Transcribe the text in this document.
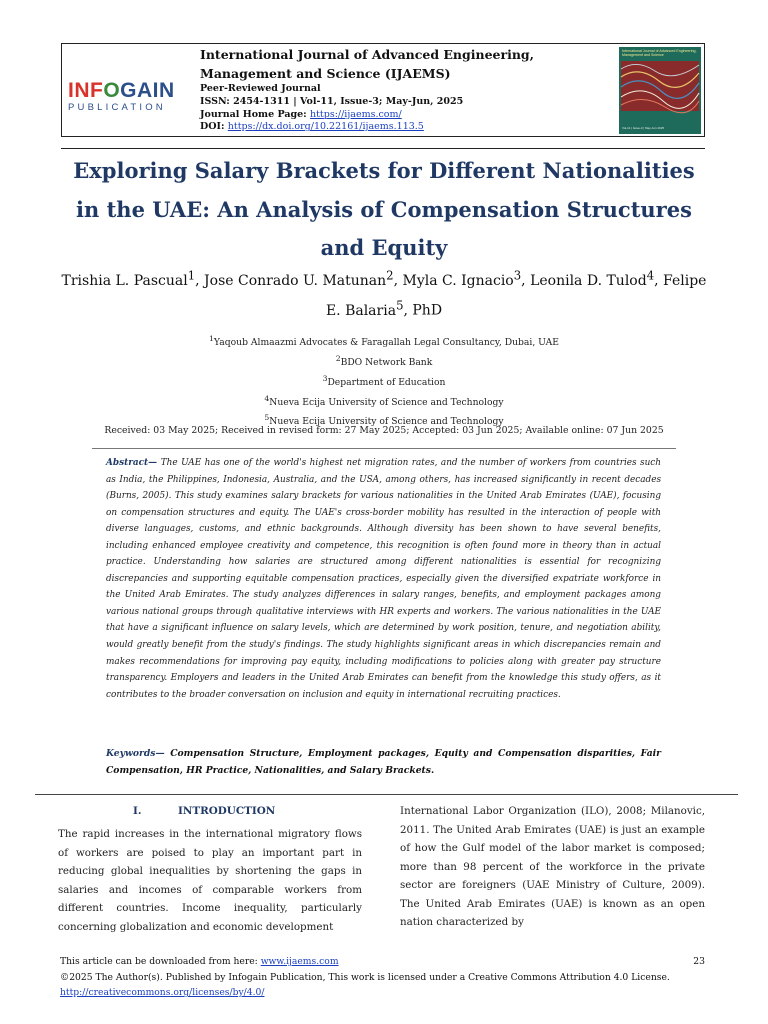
INFOGAIN
PUBLICATION
International Journal of Advanced Engineering, Management and Science (IJAEMS)
Peer-Reviewed Journal
ISSN: 2454-1311 | Vol-11, Issue-3; May-Jun, 2025
Journal Home Page: https://ijaems.com/
DOI: https://dx.doi.org/10.22161/ijaems.113.5
International Journal of Advanced Engineering, Management and Science
Vol-11 | Issue-3 | May-Jun 2025
Exploring Salary Brackets for Different Nationalities in the UAE: An Analysis of Compensation Structures and Equity
Trishia L. Pascual$^1$, Jose Conrado U. Matunan$^2$, Myla C. Ignacio$^3$, Leonila D. Tulod$^4$, Felipe E. Balaria$^5$, PhD
$^1$Yaqoub Almaazmi Advocates & Faragallah Legal Consultancy, Dubai, UAE
$^2$BDO Network Bank
$^3$Department of Education
$^4$Nueva Ecija University of Science and Technology
$^5$Nueva Ecija University of Science and Technology
Received: 03 May 2025; Received in revised form: 27 May 2025; Accepted: 03 Jun 2025; Available online: 07 Jun 2025

Abstract— The UAE has one of the world's highest net migration rates, and the number of workers from countries such as India, the Philippines, Indonesia, Australia, and the USA, among others, has increased significantly in recent decades (Burns, 2005). This study examines salary brackets for various nationalities in the United Arab Emirates (UAE), focusing on compensation structures and equity. The UAE's cross-border mobility has resulted in the interaction of people with diverse languages, customs, and ethnic backgrounds. Although diversity has been shown to have several benefits, including enhanced employee creativity and competence, this recognition is often found more in theory than in actual practice. Understanding how salaries are structured among different nationalities is essential for recognizing discrepancies and supporting equitable compensation practices, especially given the diversified expatriate workforce in the United Arab Emirates. The study analyzes differences in salary ranges, benefits, and employment packages among various national groups through qualitative interviews with HR experts and workers. The various nationalities in the UAE that have a significant influence on salary levels, which are determined by work position, tenure, and negotiation ability, would greatly benefit from the study's findings. The study highlights significant areas in which discrepancies remain and makes recommendations for improving pay equity, including modifications to policies along with greater pay structure transparency. Employers and leaders in the United Arab Emirates can benefit from the knowledge this study offers, as it contributes to the broader conversation on inclusion and equity in international recruiting practices.

Keywords— Compensation Structure, Employment packages, Equity and Compensation disparities, Fair Compensation, HR Practice, Nationalities, and Salary Brackets.

I.	INTRODUCTION

The rapid increases in the international migratory flows of workers are poised to play an important part in reducing global inequalities by shortening the gaps in salaries and incomes of comparable workers from different countries. Income inequality, particularly concerning globalization and economic development

International Labor Organization (ILO), 2008; Milanovic, 2011. The United Arab Emirates (UAE) is just an example of how the Gulf model of the labor market is composed; more than 98 percent of the workforce in the private sector are foreigners (UAE Ministry of Culture, 2009). The United Arab Emirates (UAE) is known as an open nation characterized by

This article can be downloaded from here: www.ijaems.com	23
©2025 The Author(s). Published by Infogain Publication, This work is licensed under a Creative Commons Attribution 4.0 License. http://creativecommons.org/licenses/by/4.0/
